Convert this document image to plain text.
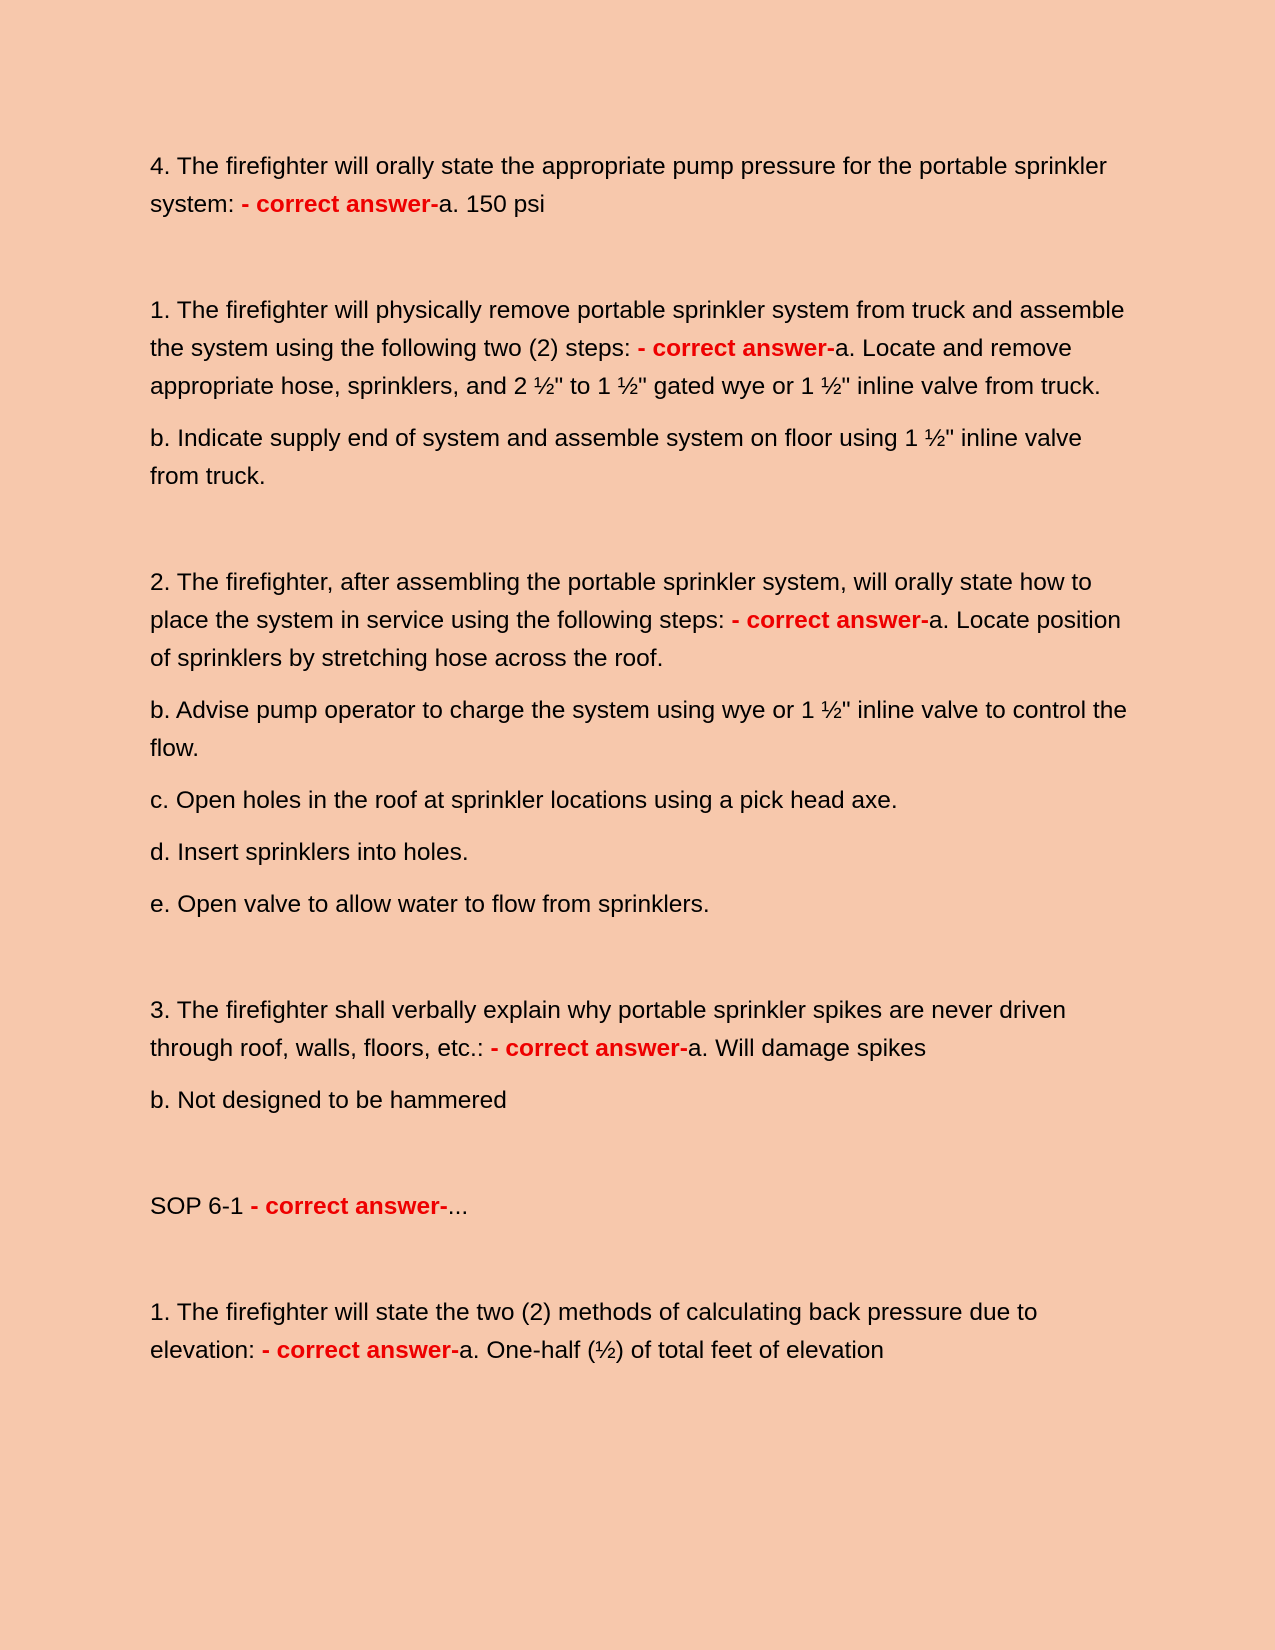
4. The firefighter will orally state the appropriate pump pressure for the portable sprinkler system: - correct answer-a. 150 psi

1. The firefighter will physically remove portable sprinkler system from truck and assemble the system using the following two (2) steps: - correct answer-a. Locate and remove appropriate hose, sprinklers, and 2 ½" to 1 ½" gated wye or 1 ½" inline valve from truck.

b. Indicate supply end of system and assemble system on floor using 1 ½" inline valve from truck.

2. The firefighter, after assembling the portable sprinkler system, will orally state how to place the system in service using the following steps: - correct answer-a. Locate position of sprinklers by stretching hose across the roof.

b. Advise pump operator to charge the system using wye or 1 ½" inline valve to control the flow.

c. Open holes in the roof at sprinkler locations using a pick head axe.

d. Insert sprinklers into holes.

e. Open valve to allow water to flow from sprinklers.

3. The firefighter shall verbally explain why portable sprinkler spikes are never driven through roof, walls, floors, etc.: - correct answer-a. Will damage spikes

b. Not designed to be hammered

SOP 6-1 - correct answer-...

1. The firefighter will state the two (2) methods of calculating back pressure due to elevation: - correct answer-a. One-half (½) of total feet of elevation
